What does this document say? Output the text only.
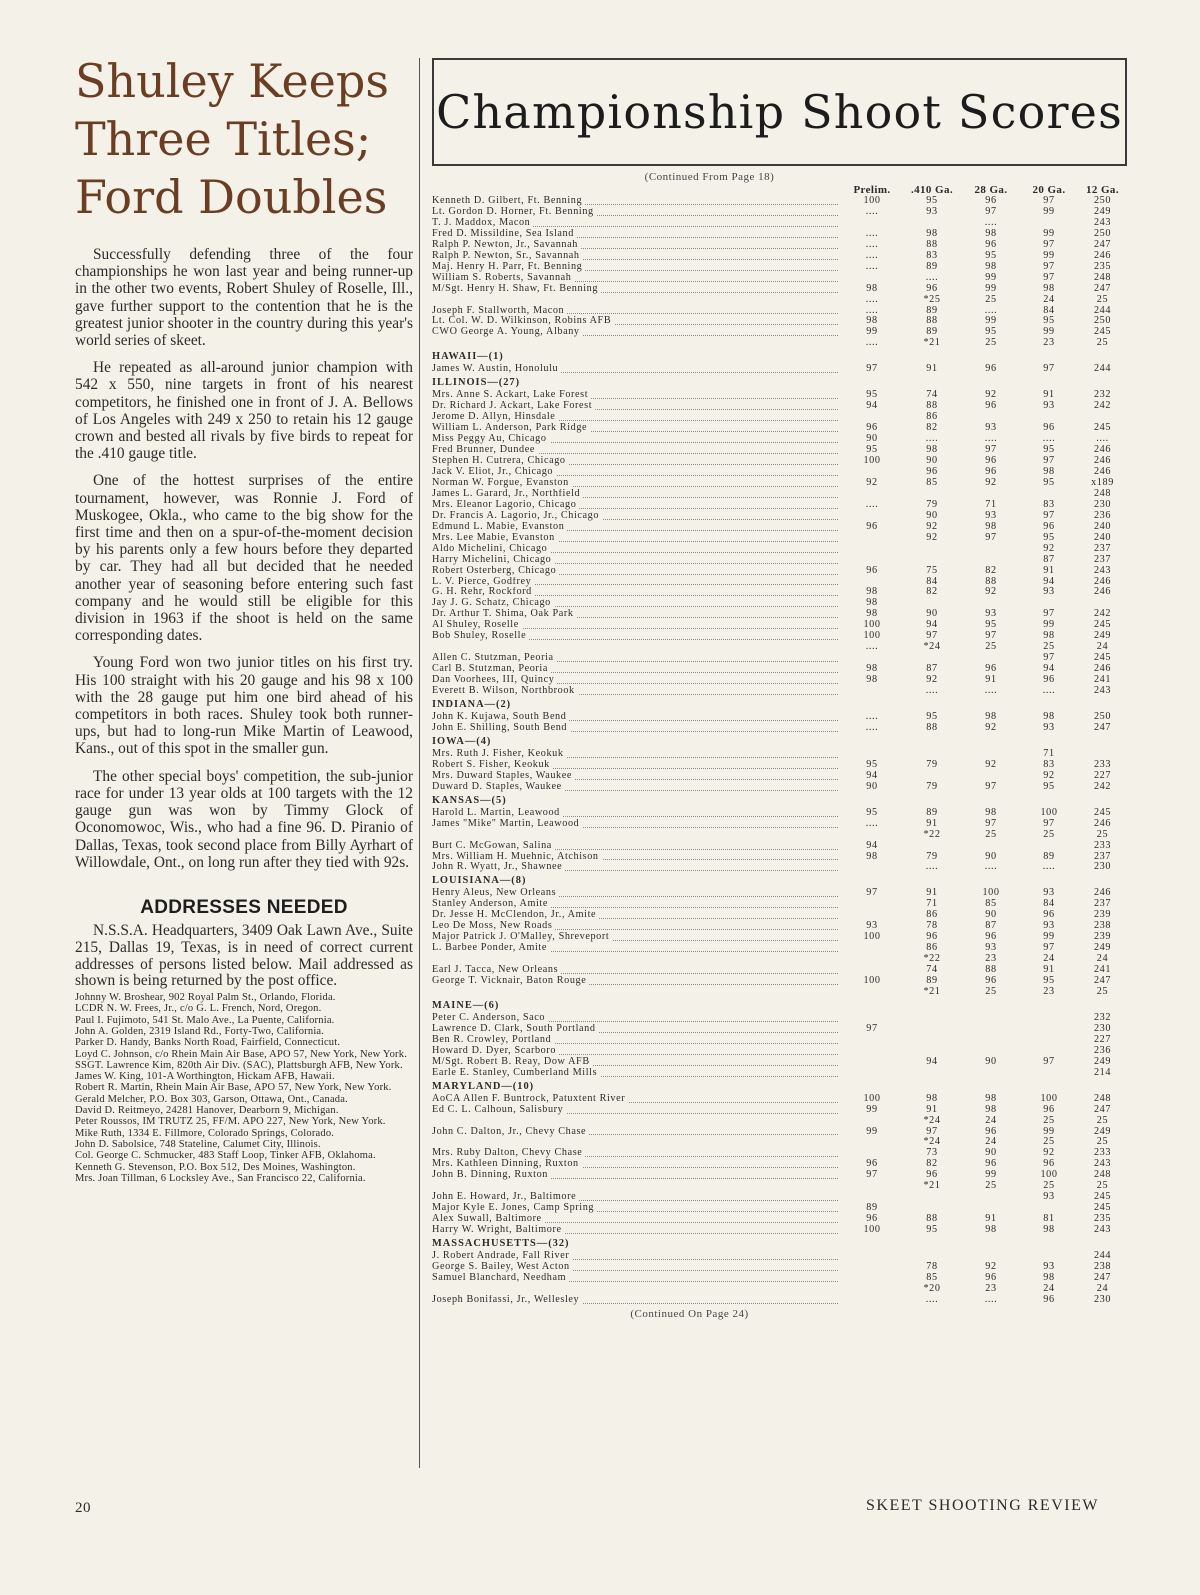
Shuley Keeps
Three Titles;
Ford Doubles

Successfully defending three of the four championships he won last year and being runner-up in the other two events, Robert Shuley of Roselle, Ill., gave further support to the contention that he is the greatest junior shooter in the country during this year's world series of skeet.

He repeated as all-around junior champion with 542 x 550, nine targets in front of his nearest competitors, he finished one in front of J. A. Bellows of Los Angeles with 249 x 250 to retain his 12 gauge crown and bested all rivals by five birds to repeat for the .410 gauge title.

One of the hottest surprises of the entire tournament, however, was Ronnie J. Ford of Muskogee, Okla., who came to the big show for the first time and then on a spur-of-the-moment decision by his parents only a few hours before they departed by car. They had all but decided that he needed another year of seasoning before entering such fast company and he would still be eligible for this division in 1963 if the shoot is held on the same corresponding dates.

Young Ford won two junior titles on his first try. His 100 straight with his 20 gauge and his 98 x 100 with the 28 gauge put him one bird ahead of his competitors in both races. Shuley took both runner-ups, but had to long-run Mike Martin of Leawood, Kans., out of this spot in the smaller gun.

The other special boys' competition, the sub-junior race for under 13 year olds at 100 targets with the 12 gauge gun was won by Timmy Glock of Oconomowoc, Wis., who had a fine 96. D. Piranio of Dallas, Texas, took second place from Billy Ayrhart of Willowdale, Ont., on long run after they tied with 92s.

ADDRESSES NEEDED

N.S.S.A. Headquarters, 3409 Oak Lawn Ave., Suite 215, Dallas 19, Texas, is in need of correct current addresses of persons listed below. Mail addressed as shown is being returned by the post office.

Johnny W. Broshear, 902 Royal Palm St., Orlando, Florida.

LCDR N. W. Frees, Jr., c/o G. L. French, Nord, Oregon.

Paul I. Fujimoto, 541 St. Malo Ave., La Puente, California.

John A. Golden, 2319 Island Rd., Forty-Two, California.

Parker D. Handy, Banks North Road, Fairfield, Connecticut.

Loyd C. Johnson, c/o Rhein Main Air Base, APO 57, New York, New York.

SSGT. Lawrence Kim, 820th Air Div. (SAC), Plattsburgh AFB, New York.

James W. King, 101-A Worthington, Hickam AFB, Hawaii.

Robert R. Martin, Rhein Main Air Base, APO 57, New York, New York.

Gerald Melcher, P.O. Box 303, Garson, Ottawa, Ont., Canada.

David D. Reitmeyo, 24281 Hanover, Dearborn 9, Michigan.

Peter Roussos, IM TRUTZ 25, FF/M. APO 227, New York, New York.

Mike Ruth, 1334 E. Fillmore, Colorado Springs, Colorado.

John D. Sabolsice, 748 Stateline, Calumet City, Illinois.

Col. George C. Schmucker, 483 Staff Loop, Tinker AFB, Oklahoma.

Kenneth G. Stevenson, P.O. Box 512, Des Moines, Washington.

Mrs. Joan Tillman, 6 Locksley Ave., San Francisco 22, California.

Championship Shoot Scores
(Continued From Page 18)
	Prelim.	.410 Ga.	28 Ga.	20 Ga.	12 Ga.
Kenneth D. Gilbert, Ft. Benning	100	95	96	97	250
Lt. Gordon D. Horner, Ft. Benning	....	93	97	99	249
T. J. Maddox, Macon			....		243
Fred D. Missildine, Sea Island	....	98	98	99	250
Ralph P. Newton, Jr., Savannah	....	88	96	97	247
Ralph P. Newton, Sr., Savannah	....	83	95	99	246
Maj. Henry H. Parr, Ft. Benning	....	89	98	97	235
William S. Roberts, Savannah		....	99	97	248
M/Sgt. Henry H. Shaw, Ft. Benning	98	96	99	98	247
	....	*25	25	24	25
Joseph F. Stallworth, Macon	....	89	....	84	244
Lt. Col. W. D. Wilkinson, Robins AFB	98	88	99	95	250
CWO George A. Young, Albany	99	89	95	99	245
	....	*21	25	23	25
HAWAII—(1)					
James W. Austin, Honolulu	97	91	96	97	244
ILLINOIS—(27)					
Mrs. Anne S. Ackart, Lake Forest	95	74	92	91	232
Dr. Richard J. Ackart, Lake Forest	94	88	96	93	242
Jerome D. Allyn, Hinsdale		86			
William L. Anderson, Park Ridge	96	82	93	96	245
Miss Peggy Au, Chicago	90	....	....	....	....
Fred Brunner, Dundee	95	98	97	95	246
Stephen H. Cutrera, Chicago	100	90	96	97	246
Jack V. Eliot, Jr., Chicago		96	96	98	246
Norman W. Forgue, Evanston	92	85	92	95	x189
James L. Garard, Jr., Northfield					248
Mrs. Eleanor Lagorio, Chicago	....	79	71	83	230
Dr. Francis A. Lagorio, Jr., Chicago		90	93	97	236
Edmund L. Mabie, Evanston	96	92	98	96	240
Mrs. Lee Mabie, Evanston		92	97	95	240
Aldo Michelini, Chicago				92	237
Harry Michelini, Chicago				87	237
Robert Osterberg, Chicago	96	75	82	91	243
L. V. Pierce, Godfrey		84	88	94	246
G. H. Rehr, Rockford	98	82	92	93	246
Jay J. G. Schatz, Chicago	98				
Dr. Arthur T. Shima, Oak Park	98	90	93	97	242
Al Shuley, Roselle	100	94	95	99	245
Bob Shuley, Roselle	100	97	97	98	249
	....	*24	25	25	24
Allen C. Stutzman, Peoria				97	245
Carl B. Stutzman, Peoria	98	87	96	94	246
Dan Voorhees, III, Quincy	98	92	91	96	241
Everett B. Wilson, Northbrook		....	....	....	243
INDIANA—(2)					
John K. Kujawa, South Bend	....	95	98	98	250
John E. Shilling, South Bend	....	88	92	93	247
IOWA—(4)					
Mrs. Ruth J. Fisher, Keokuk				71	
Robert S. Fisher, Keokuk	95	79	92	83	233
Mrs. Duward Staples, Waukee	94			92	227
Duward D. Staples, Waukee	90	79	97	95	242
KANSAS—(5)					
Harold L. Martin, Leawood	95	89	98	100	245
James "Mike" Martin, Leawood	....	91	97	97	246
		*22	25	25	25
Burt C. McGowan, Salina	94				233
Mrs. William H. Muehnic, Atchison	98	79	90	89	237
John R. Wyatt, Jr., Shawnee		....	....	....	230
LOUISIANA—(8)					
Henry Aleus, New Orleans	97	91	100	93	246
Stanley Anderson, Amite		71	85	84	237
Dr. Jesse H. McClendon, Jr., Amite		86	90	96	239
Leo De Moss, New Roads	93	78	87	93	238
Major Patrick J. O'Malley, Shreveport	100	96	96	99	239
L. Barbee Ponder, Amite		86	93	97	249
		*22	23	24	24
Earl J. Tacca, New Orleans		74	88	91	241
George T. Vicknair, Baton Rouge	100	89	96	95	247
		*21	25	23	25
MAINE—(6)					
Peter C. Anderson, Saco					232
Lawrence D. Clark, South Portland	97				230
Ben R. Crowley, Portland					227
Howard D. Dyer, Scarboro					236
M/Sgt. Robert B. Reay, Dow AFB		94	90	97	249
Earle E. Stanley, Cumberland Mills					214
MARYLAND—(10)					
AoCA Allen F. Buntrock, Patuxtent River	100	98	98	100	248
Ed C. L. Calhoun, Salisbury	99	91	98	96	247
		*24	24	25	25
John C. Dalton, Jr., Chevy Chase	99	97	96	99	249
		*24	24	25	25
Mrs. Ruby Dalton, Chevy Chase		73	90	92	233
Mrs. Kathleen Dinning, Ruxton	96	82	96	96	243
John B. Dinning, Ruxton	97	96	99	100	248
		*21	25	25	25
John E. Howard, Jr., Baltimore				93	245
Major Kyle E. Jones, Camp Spring	89				245
Alex Suwall, Baltimore	96	88	91	81	235
Harry W. Wright, Baltimore	100	95	98	98	243
MASSACHUSETTS—(32)					
J. Robert Andrade, Fall River					244
George S. Bailey, West Acton		78	92	93	238
Samuel Blanchard, Needham		85	96	98	247
		*20	23	24	24
Joseph Bonifassi, Jr., Wellesley		....	....	96	230
(Continued On Page 24)
20	SKEET SHOOTING REVIEW
